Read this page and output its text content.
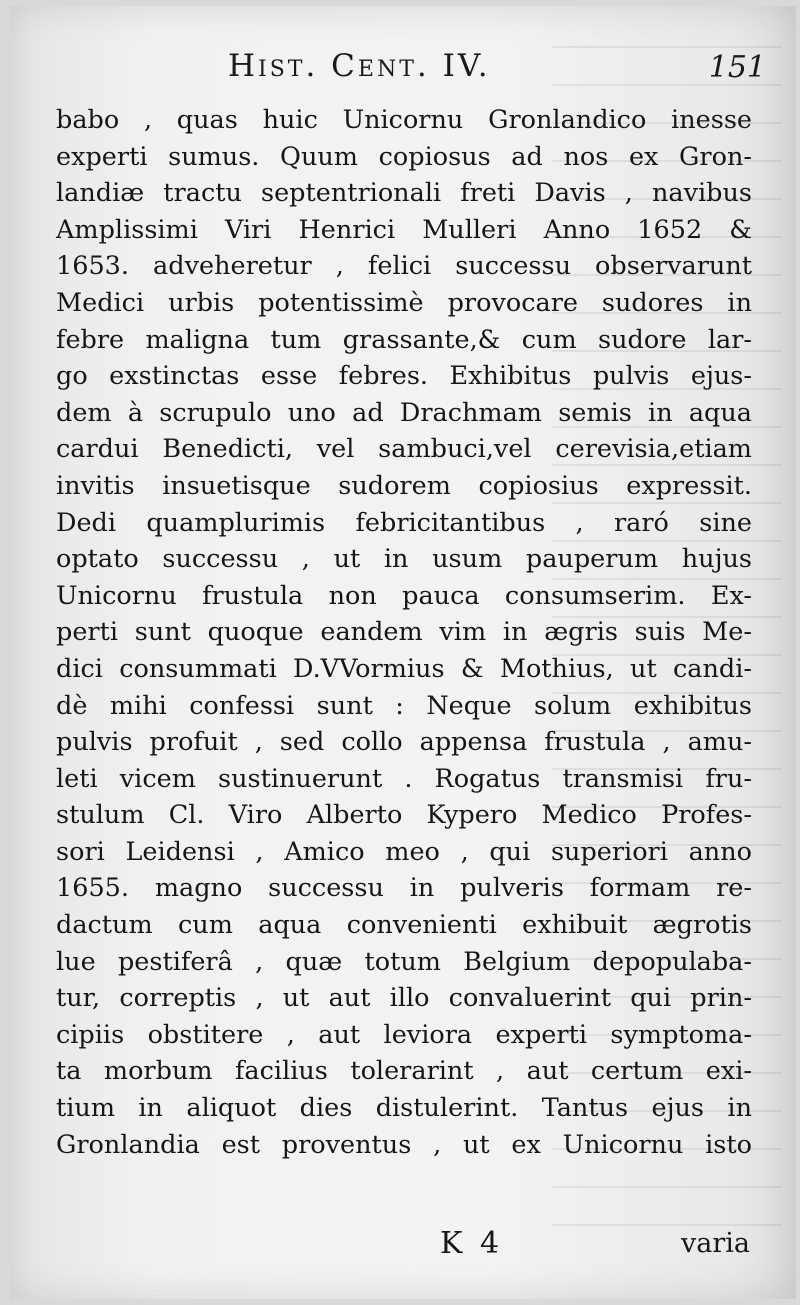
Hist. Cent. IV.	151
babo , quas huic Unicornu Gronlandico inesse
experti sumus. Quum copiosus ad nos ex Gron-
landiæ tractu septentrionali freti Davis , navibus
Amplissimi Viri Henrici Mulleri Anno 1652 &
1653. adveheretur , felici successu observarunt
Medici urbis potentissimè provocare sudores in
febre maligna tum grassante,& cum sudore lar-
go exstinctas esse febres. Exhibitus pulvis ejus-
dem à scrupulo uno ad Drachmam semis in aqua
cardui Benedicti, vel sambuci,vel cerevisia,etiam
invitis insuetisque sudorem copiosius expressit.
Dedi quamplurimis febricitantibus , raró sine
optato successu , ut in usum pauperum hujus
Unicornu frustula non pauca consumserim. Ex-
perti sunt quoque eandem vim in ægris suis Me-
dici consummati D.VVormius & Mothius, ut candi-
dè mihi confessi sunt : Neque solum exhibitus
pulvis profuit , sed collo appensa frustula , amu-
leti vicem sustinuerunt . Rogatus transmisi fru-
stulum Cl. Viro Alberto Kypero Medico Profes-
sori Leidensi , Amico meo , qui superiori anno
1655. magno successu in pulveris formam re-
dactum cum aqua convenienti exhibuit ægrotis
lue pestiferâ , quæ totum Belgium depopulaba-
tur, correptis , ut aut illo convaluerint qui prin-
cipiis obstitere , aut leviora experti symptoma-
ta morbum facilius tolerarint , aut certum exi-
tium in aliquot dies distulerint. Tantus ejus in
Gronlandia est proventus , ut ex Unicornu isto
K 4	varia
